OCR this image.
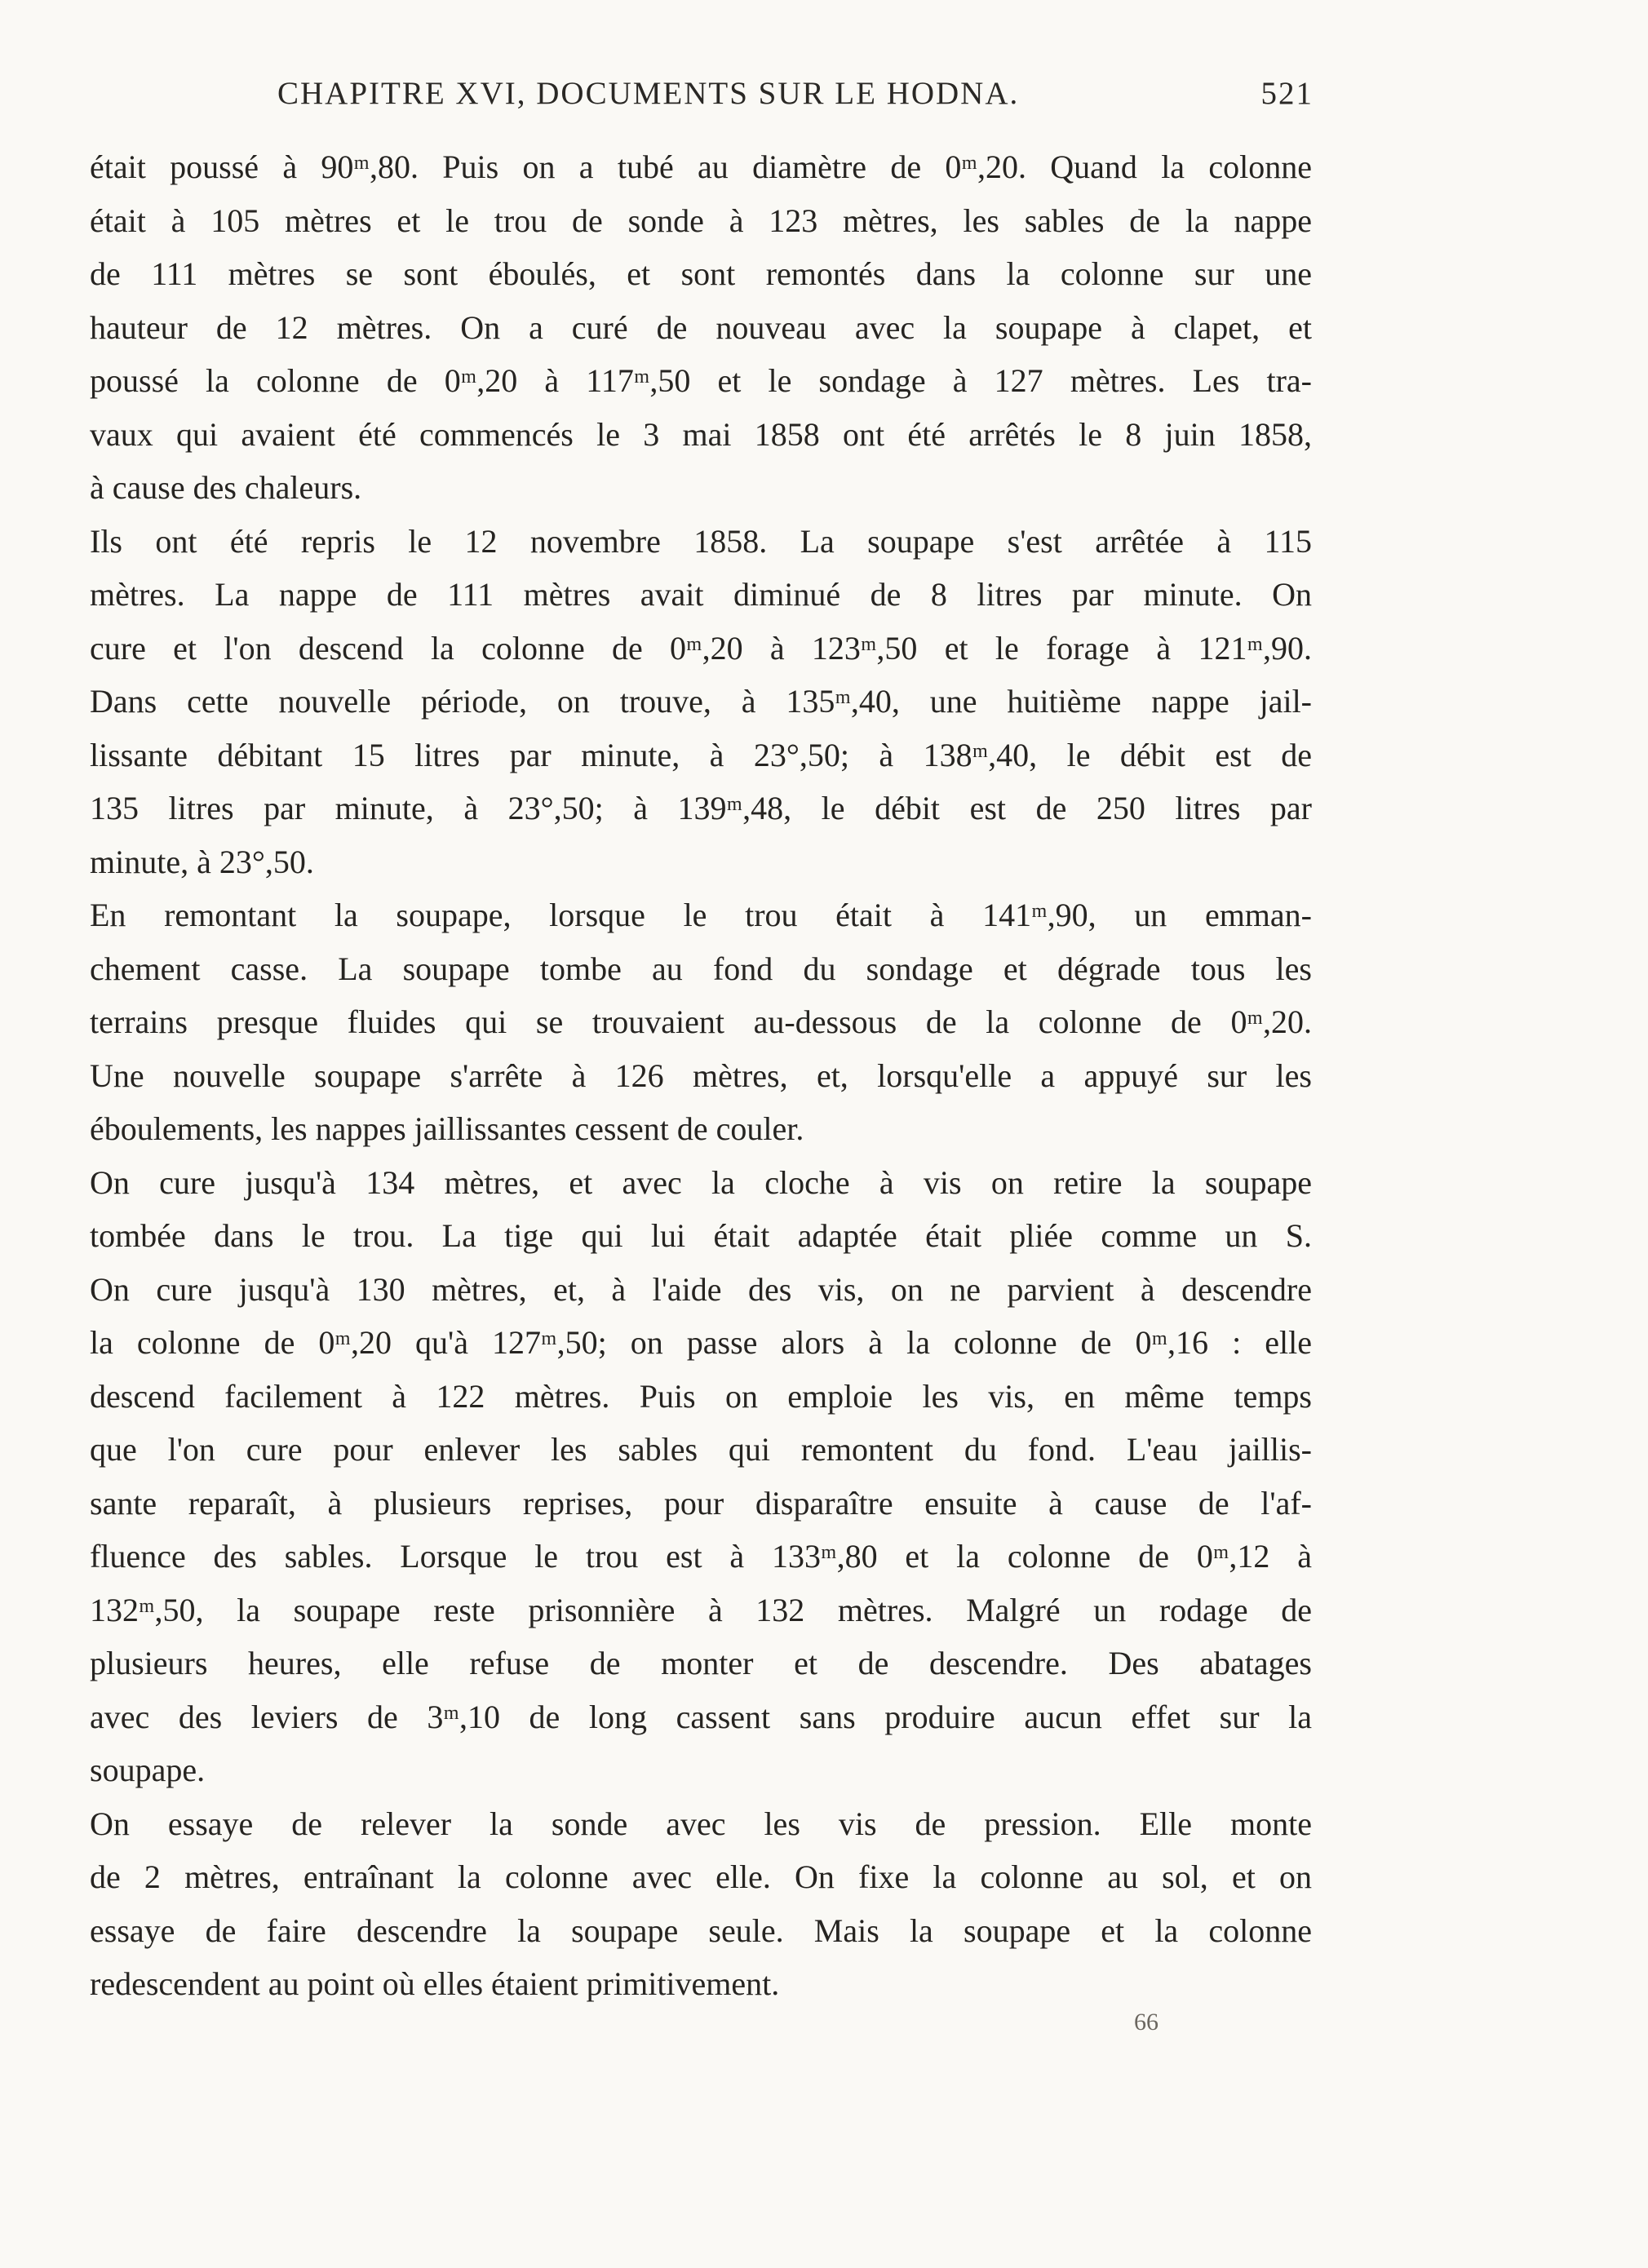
CHAPITRE XVI, DOCUMENTS SUR LE HODNA.	521
était poussé à 90ᵐ,80. Puis on a tubé au diamètre de 0ᵐ,20. Quand la colonne
était à 105 mètres et le trou de sonde à 123 mètres, les sables de la nappe
de 111 mètres se sont éboulés, et sont remontés dans la colonne sur une
hauteur de 12 mètres. On a curé de nouveau avec la soupape à clapet, et
poussé la colonne de 0ᵐ,20 à 117ᵐ,50 et le sondage à 127 mètres. Les tra-
vaux qui avaient été commencés le 3 mai 1858 ont été arrêtés le 8 juin 1858,
à cause des chaleurs.
Ils ont été repris le 12 novembre 1858. La soupape s'est arrêtée à 115
mètres. La nappe de 111 mètres avait diminué de 8 litres par minute. On
cure et l'on descend la colonne de 0ᵐ,20 à 123ᵐ,50 et le forage à 121ᵐ,90.
Dans cette nouvelle période, on trouve, à 135ᵐ,40, une huitième nappe jail-
lissante débitant 15 litres par minute, à 23°,50; à 138ᵐ,40, le débit est de
135 litres par minute, à 23°,50; à 139ᵐ,48, le débit est de 250 litres par
minute, à 23°,50.
En remontant la soupape, lorsque le trou était à 141ᵐ,90, un emman-
chement casse. La soupape tombe au fond du sondage et dégrade tous les
terrains presque fluides qui se trouvaient au-dessous de la colonne de 0ᵐ,20.
Une nouvelle soupape s'arrête à 126 mètres, et, lorsqu'elle a appuyé sur les
éboulements, les nappes jaillissantes cessent de couler.
On cure jusqu'à 134 mètres, et avec la cloche à vis on retire la soupape
tombée dans le trou. La tige qui lui était adaptée était pliée comme un S.
On cure jusqu'à 130 mètres, et, à l'aide des vis, on ne parvient à descendre
la colonne de 0ᵐ,20 qu'à 127ᵐ,50; on passe alors à la colonne de 0ᵐ,16 : elle
descend facilement à 122 mètres. Puis on emploie les vis, en même temps
que l'on cure pour enlever les sables qui remontent du fond. L'eau jaillis-
sante reparaît, à plusieurs reprises, pour disparaître ensuite à cause de l'af-
fluence des sables. Lorsque le trou est à 133ᵐ,80 et la colonne de 0ᵐ,12 à
132ᵐ,50, la soupape reste prisonnière à 132 mètres. Malgré un rodage de
plusieurs heures, elle refuse de monter et de descendre. Des abatages
avec des leviers de 3ᵐ,10 de long cassent sans produire aucun effet sur la
soupape.
On essaye de relever la sonde avec les vis de pression. Elle monte
de 2 mètres, entraînant la colonne avec elle. On fixe la colonne au sol, et on
essaye de faire descendre la soupape seule. Mais la soupape et la colonne
redescendent au point où elles étaient primitivement.
66
